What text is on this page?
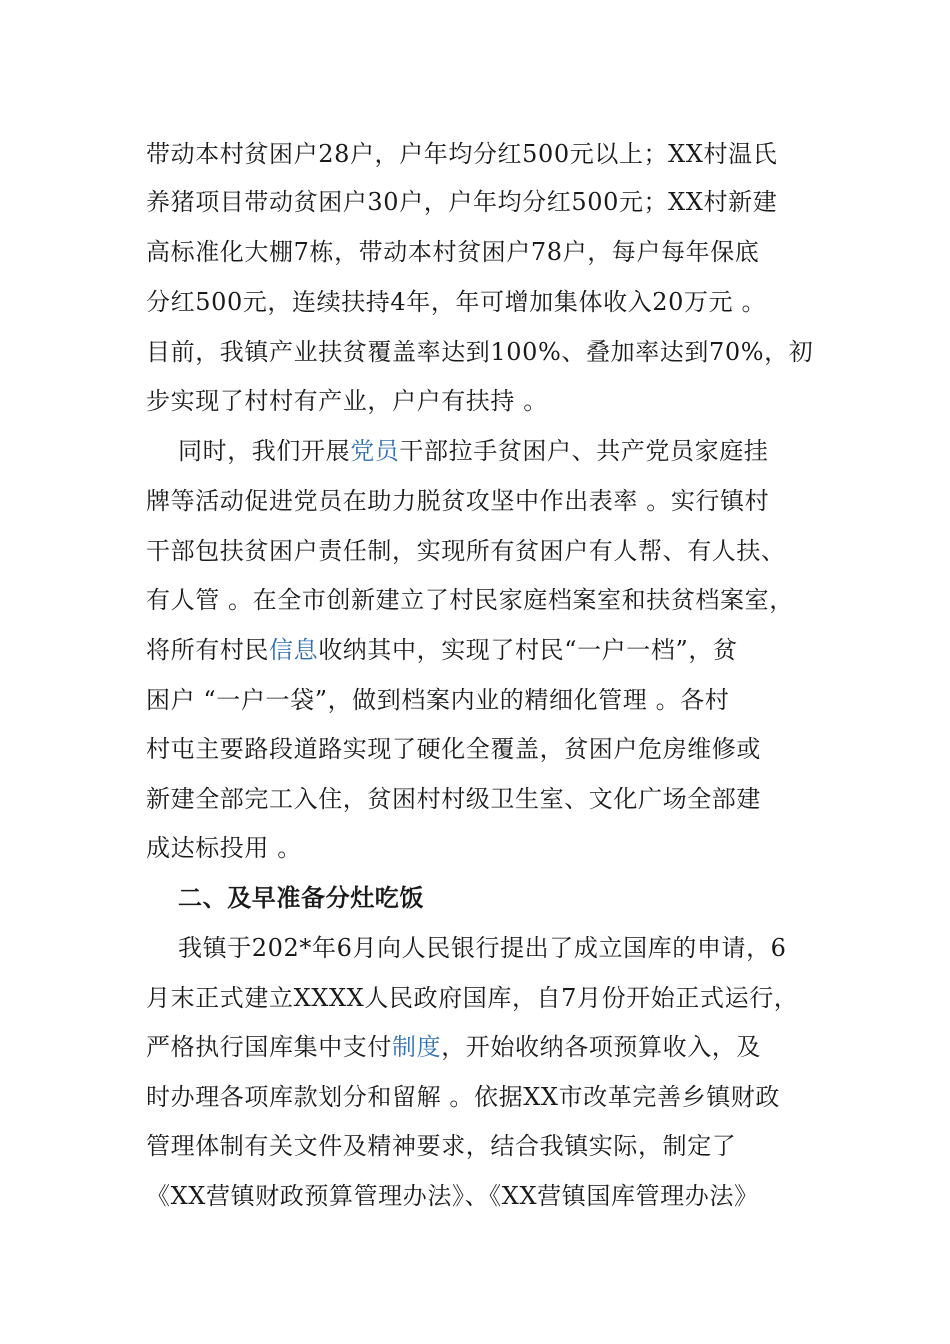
带动本村贫困户28户，户年均分红500元以上；XX村温氏
养猪项目带动贫困户30户，户年均分红500元；XX村新建
高标准化大棚7栋，带动本村贫困户78户，每户每年保底
分红500元，连续扶持4年，年可增加集体收入20万元 。
目前，我镇产业扶贫覆盖率达到100%、叠加率达到70%，初
步实现了村村有产业，户户有扶持 。
同时，我们开展党员干部拉手贫困户、共产党员家庭挂
牌等活动促进党员在助力脱贫攻坚中作出表率 。实行镇村
干部包扶贫困户责任制，实现所有贫困户有人帮、有人扶、
有人管 。在全市创新建立了村民家庭档案室和扶贫档案室，
将所有村民信息收纳其中，实现了村民“一户一档”，贫
困户 “一户一袋”，做到档案内业的精细化管理 。各村
村屯主要路段道路实现了硬化全覆盖，贫困户危房维修或
新建全部完工入住，贫困村村级卫生室、文化广场全部建
成达标投用 。
二、及早准备分灶吃饭
我镇于202*年6月向人民银行提出了成立国库的申请，6
月末正式建立XXXX人民政府国库，自7月份开始正式运行，
严格执行国库集中支付制度，开始收纳各项预算收入，及
时办理各项库款划分和留解 。依据XX市改革完善乡镇财政
管理体制有关文件及精神要求，结合我镇实际，制定了
《XX营镇财政预算管理办法》、《XX营镇国库管理办法》
